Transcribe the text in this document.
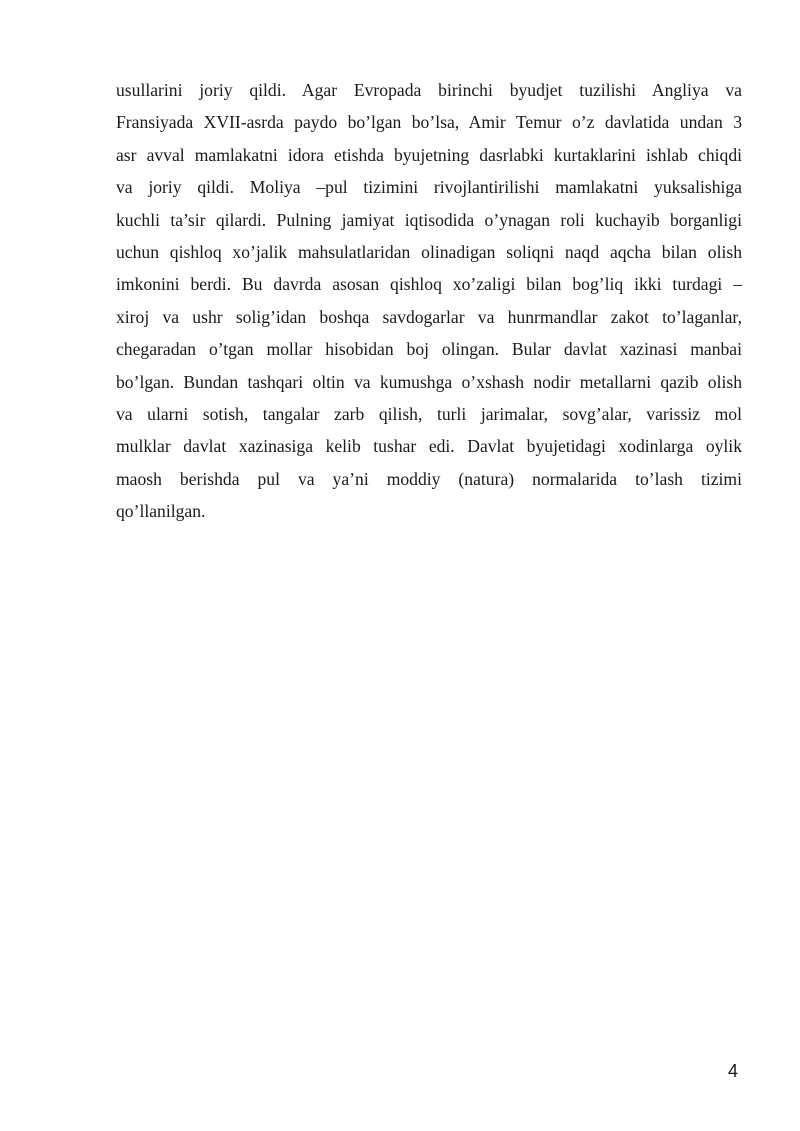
usullarini joriy qildi. Agar Evropada birinchi byudjet tuzilishi Angliya va
Fransiyada XVII-asrda paydo bo’lgan bo’lsa, Amir Temur o’z davlatida undan 3
asr avval mamlakatni idora etishda byujetning dasrlabki kurtaklarini ishlab chiqdi
va joriy qildi. Moliya –pul tizimini rivojlantirilishi mamlakatni yuksalishiga
kuchli ta’sir qilardi. Pulning jamiyat iqtisodida o’ynagan roli kuchayib borganligi
uchun qishloq xo’jalik mahsulatlaridan olinadigan soliqni naqd aqcha bilan olish
imkonini berdi. Bu davrda asosan qishloq xo’zaligi bilan bog’liq ikki turdagi –
xiroj va ushr solig’idan boshqa savdogarlar va hunrmandlar zakot to’laganlar,
chegaradan o’tgan mollar hisobidan boj olingan. Bular davlat xazinasi manbai
bo’lgan. Bundan tashqari oltin va kumushga o’xshash nodir metallarni qazib olish
va ularni sotish, tangalar zarb qilish, turli jarimalar, sovg’alar, varissiz mol
mulklar davlat xazinasiga kelib tushar edi. Davlat byujetidagi xodinlarga oylik
maosh berishda pul va ya’ni moddiy (natura) normalarida to’lash tizimi
qo’llanilgan.

4
